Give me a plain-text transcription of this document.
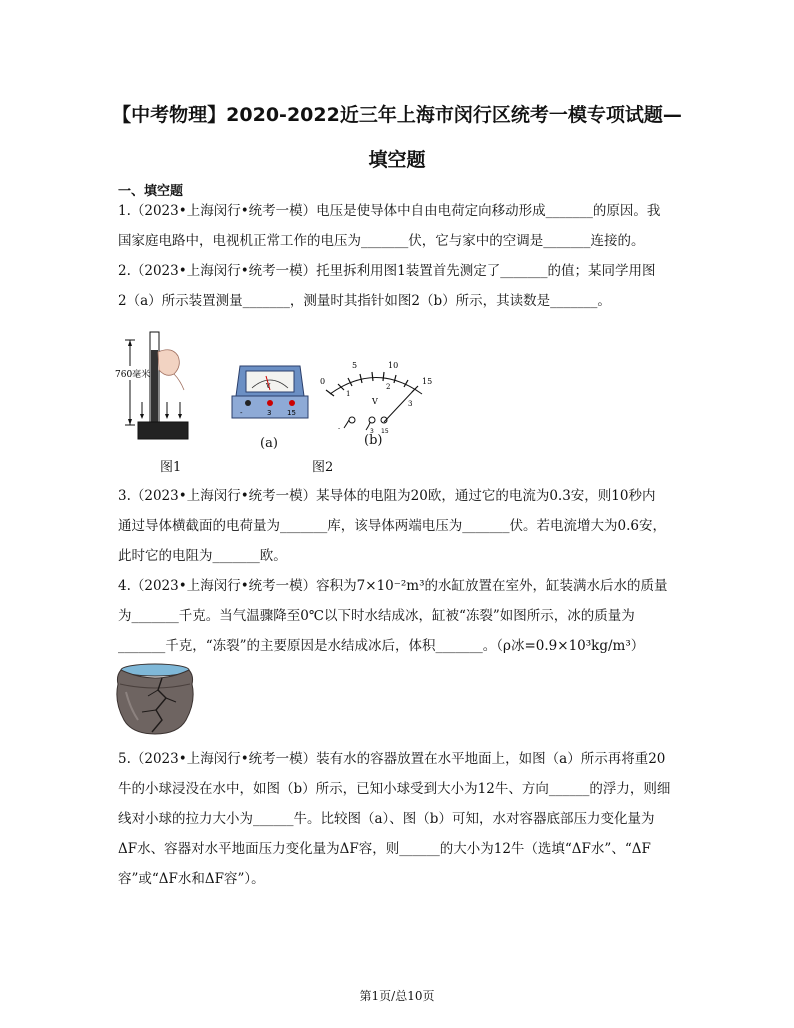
【中考物理】2020-2022近三年上海市闵行区统考一模专项试题—
填空题
一、填空题
1.（2023•上海闵行•统考一模）电压是使导体中自由电荷定向移动形成_______的原因。我
国家庭电路中，电视机正常工作的电压为_______伏，它与家中的空调是_______连接的。
2.（2023•上海闵行•统考一模）托里拆利用图1装置首先测定了_______的值；某同学用图
2（a）所示装置测量_______，测量时其指针如图2（b）所示，其读数是_______。
760毫米
图1
V
-	3 15
(a)
0
5	10
15
1
2
3
V
-	3 15
(b)
图2
3.（2023•上海闵行•统考一模）某导体的电阻为20欧，通过它的电流为0.3安，则10秒内
通过导体横截面的电荷量为_______库，该导体两端电压为_______伏。若电流增大为0.6安，
此时它的电阻为_______欧。
4.（2023•上海闵行•统考一模）容积为7×10⁻²m³的水缸放置在室外，缸装满水后水的质量
为_______千克。当气温骤降至0℃以下时水结成冰，缸被“冻裂”如图所示，冰的质量为
_______千克，“冻裂”的主要原因是水结成冰后，体积_______。（ρ冰=0.9×10³kg/m³）
5.（2023•上海闵行•统考一模）装有水的容器放置在水平地面上，如图（a）所示再将重20
牛的小球浸没在水中，如图（b）所示，已知小球受到大小为12牛、方向______的浮力，则细
线对小球的拉力大小为______牛。比较图（a）、图（b）可知，水对容器底部压力变化量为
ΔF水、容器对水平地面压力变化量为ΔF容，则______的大小为12牛（选填“ΔF水”、“ΔF
容”或“ΔF水和ΔF容”）。
第1页/总10页
